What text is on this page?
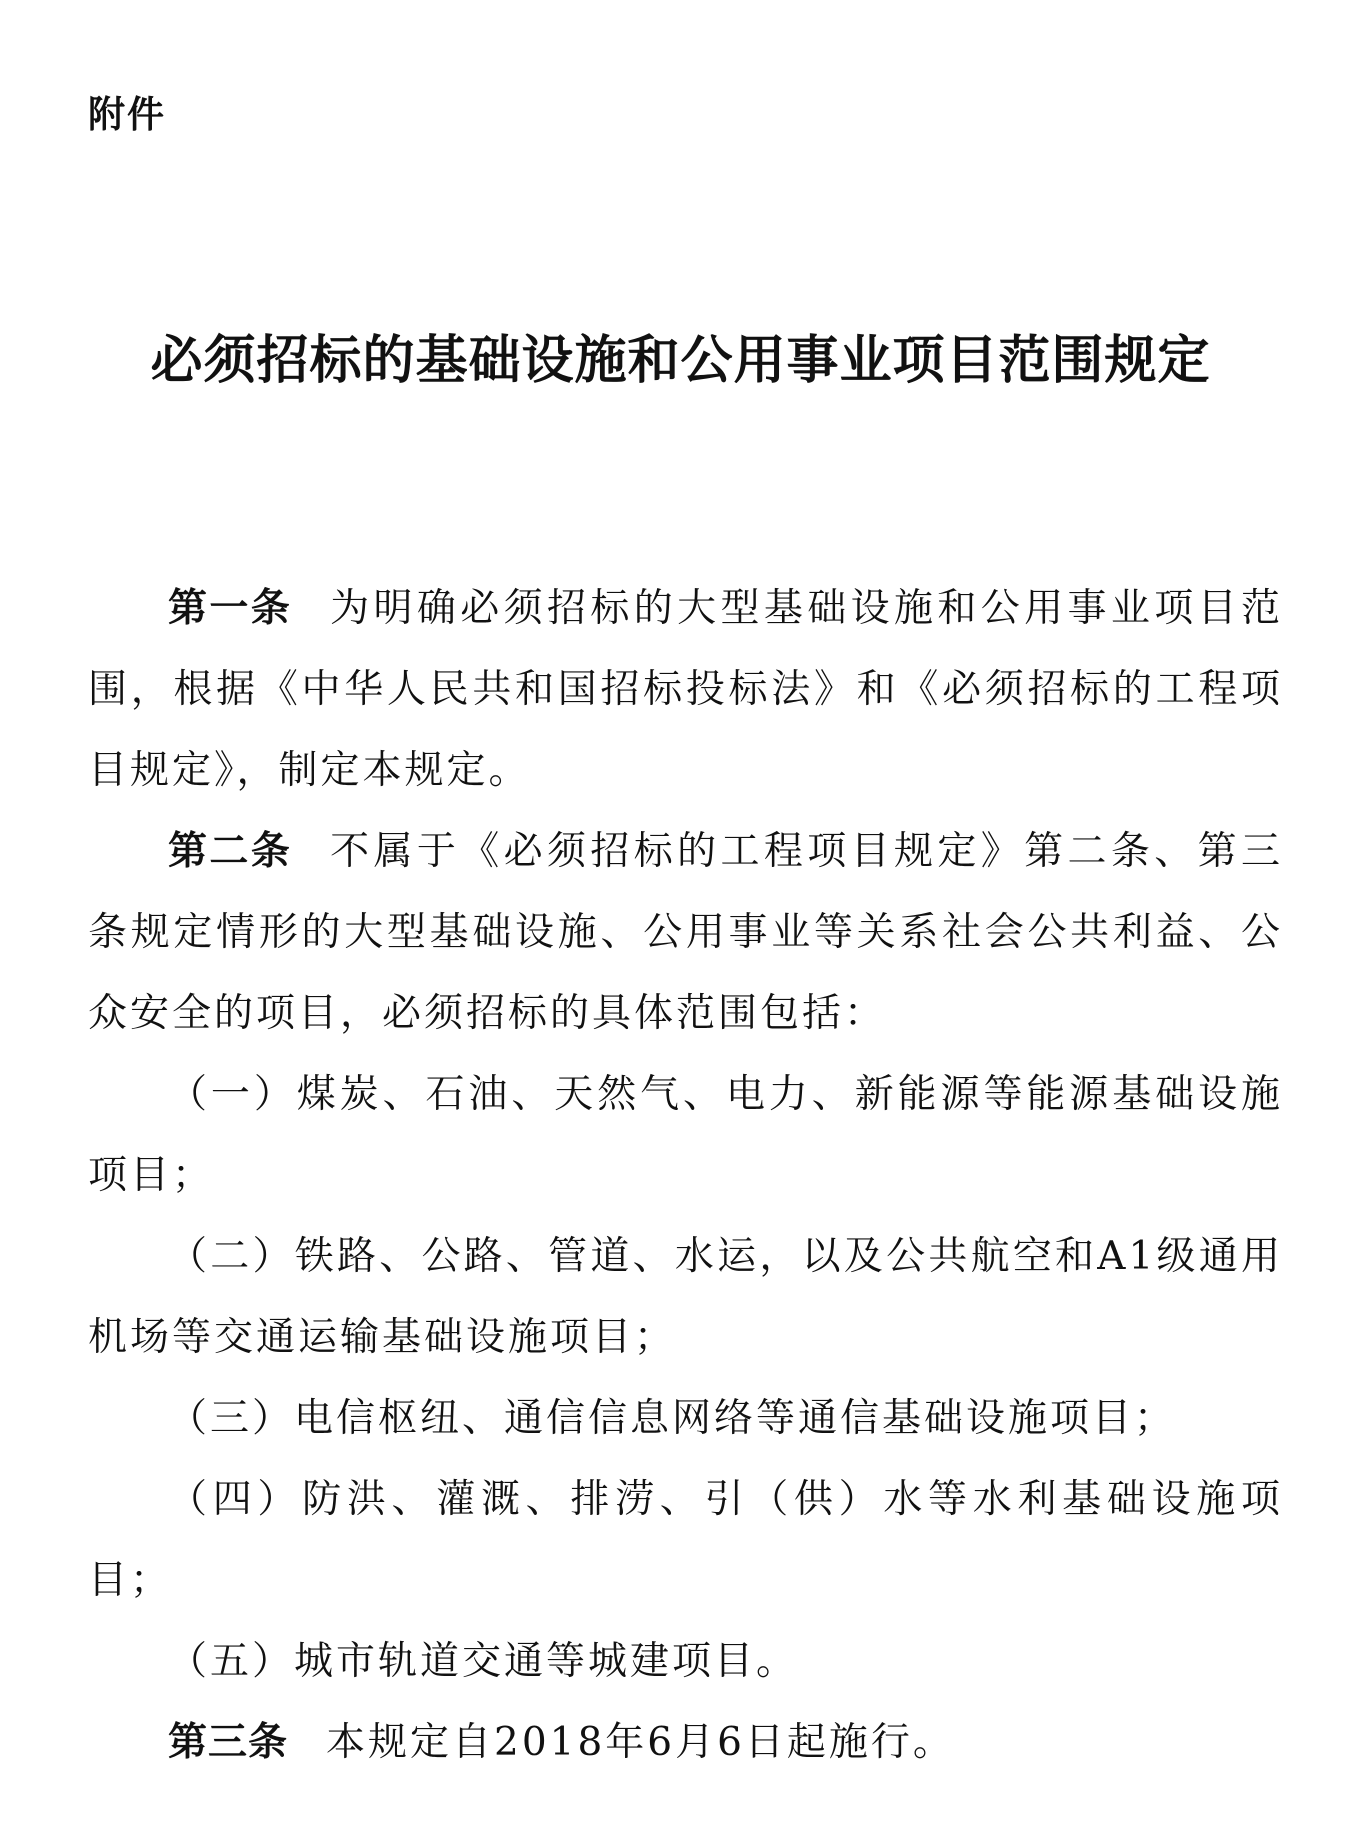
附件
必须招标的基础设施和公用事业项目范围规定

第一条 为明确必须招标的大型基础设施和公用事业项目范围，根据《中华人民共和国招标投标法》和《必须招标的工程项目规定》，制定本规定。

第二条 不属于《必须招标的工程项目规定》第二条、第三条规定情形的大型基础设施、公用事业等关系社会公共利益、公众安全的项目，必须招标的具体范围包括：

（一）煤炭、石油、天然气、电力、新能源等能源基础设施项目；

（二）铁路、公路、管道、水运，以及公共航空和A1级通用机场等交通运输基础设施项目；

（三）电信枢纽、通信信息网络等通信基础设施项目；

（四）防洪、灌溉、排涝、引（供）水等水利基础设施项目；

（五）城市轨道交通等城建项目。

第三条 本规定自2018年6月6日起施行。
